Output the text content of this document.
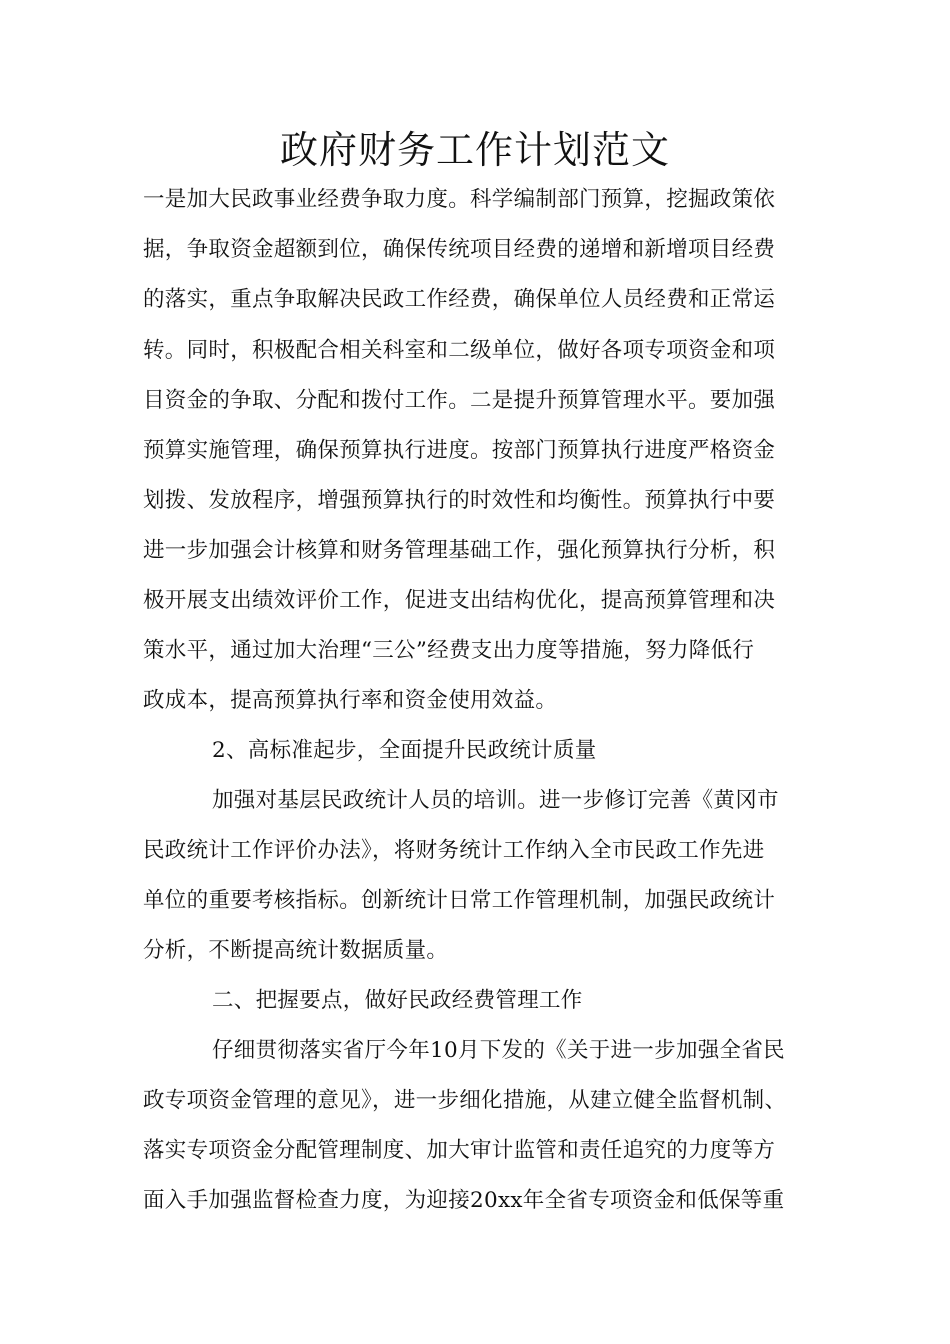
政府财务工作计划范文
一是加大民政事业经费争取力度。科学编制部门预算，挖掘政策依
据，争取资金超额到位，确保传统项目经费的递增和新增项目经费
的落实，重点争取解决民政工作经费，确保单位人员经费和正常运
转。同时，积极配合相关科室和二级单位，做好各项专项资金和项
目资金的争取、分配和拨付工作。二是提升预算管理水平。要加强
预算实施管理，确保预算执行进度。按部门预算执行进度严格资金
划拨、发放程序，增强预算执行的时效性和均衡性。预算执行中要
进一步加强会计核算和财务管理基础工作，强化预算执行分析，积
极开展支出绩效评价工作，促进支出结构优化，提高预算管理和决
策水平，通过加大治理“三公”经费支出力度等措施，努力降低行
政成本，提高预算执行率和资金使用效益。
2、高标准起步，全面提升民政统计质量
加强对基层民政统计人员的培训。进一步修订完善《黄冈市
民政统计工作评价办法》，将财务统计工作纳入全市民政工作先进
单位的重要考核指标。创新统计日常工作管理机制，加强民政统计
分析，不断提高统计数据质量。
二、把握要点，做好民政经费管理工作
仔细贯彻落实省厅今年10月下发的《关于进一步加强全省民
政专项资金管理的意见》，进一步细化措施，从建立健全监督机制、
落实专项资金分配管理制度、加大审计监管和责任追究的力度等方
面入手加强监督检查力度，为迎接20xx年全省专项资金和低保等重
